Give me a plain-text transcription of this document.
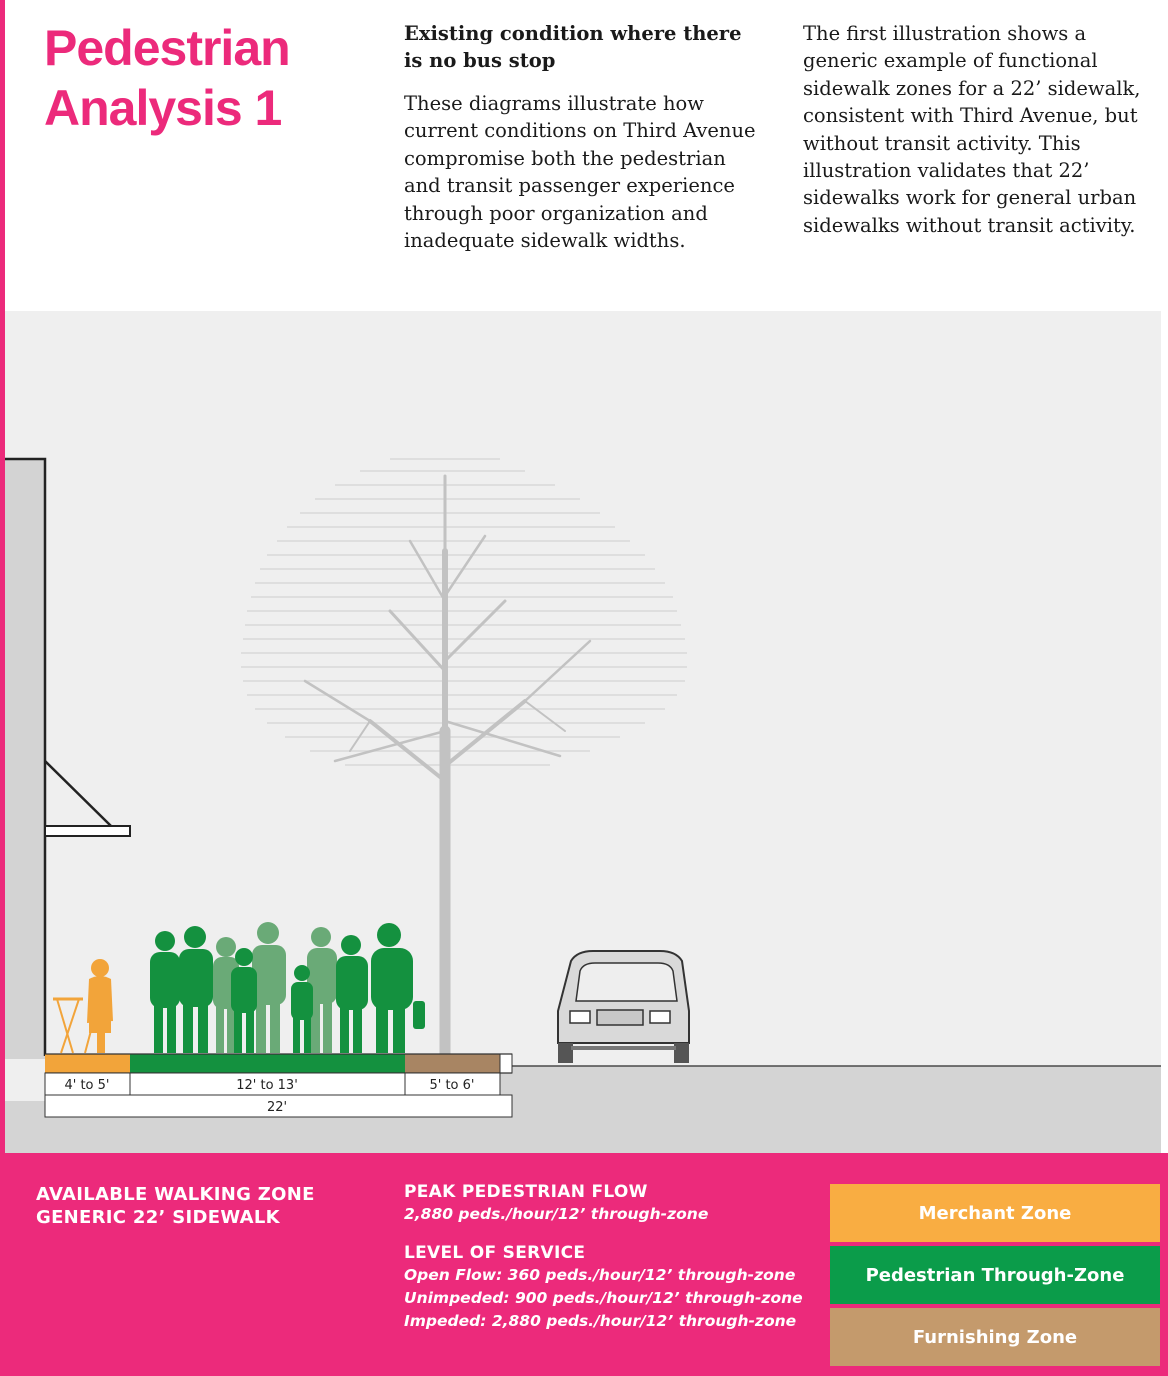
Pedestrian
Analysis 1
Existing condition where there is no bus stop

These diagrams illustrate how current conditions on Third Avenue compromise both the pedestrian and transit passenger experience through poor organization and inadequate sidewalk widths.

The first illustration shows a generic example of functional sidewalk zones for a 22’ sidewalk, consistent with Third Avenue, but without transit activity. This illustration validates that 22’ sidewalks work for general urban sidewalks without transit activity.

4' to 5'	12' to 13'	5' to 6'
22'
AVAILABLE WALKING ZONE
GENERIC 22’ SIDEWALK
PEAK PEDESTRIAN FLOW
2,880 peds./hour/12’ through-zone
LEVEL OF SERVICE
Open Flow: 360 peds./hour/12’ through-zone
Unimpeded: 900 peds./hour/12’ through-zone
Impeded: 2,880 peds./hour/12’ through-zone
Merchant Zone
Pedestrian Through-Zone
Furnishing Zone
